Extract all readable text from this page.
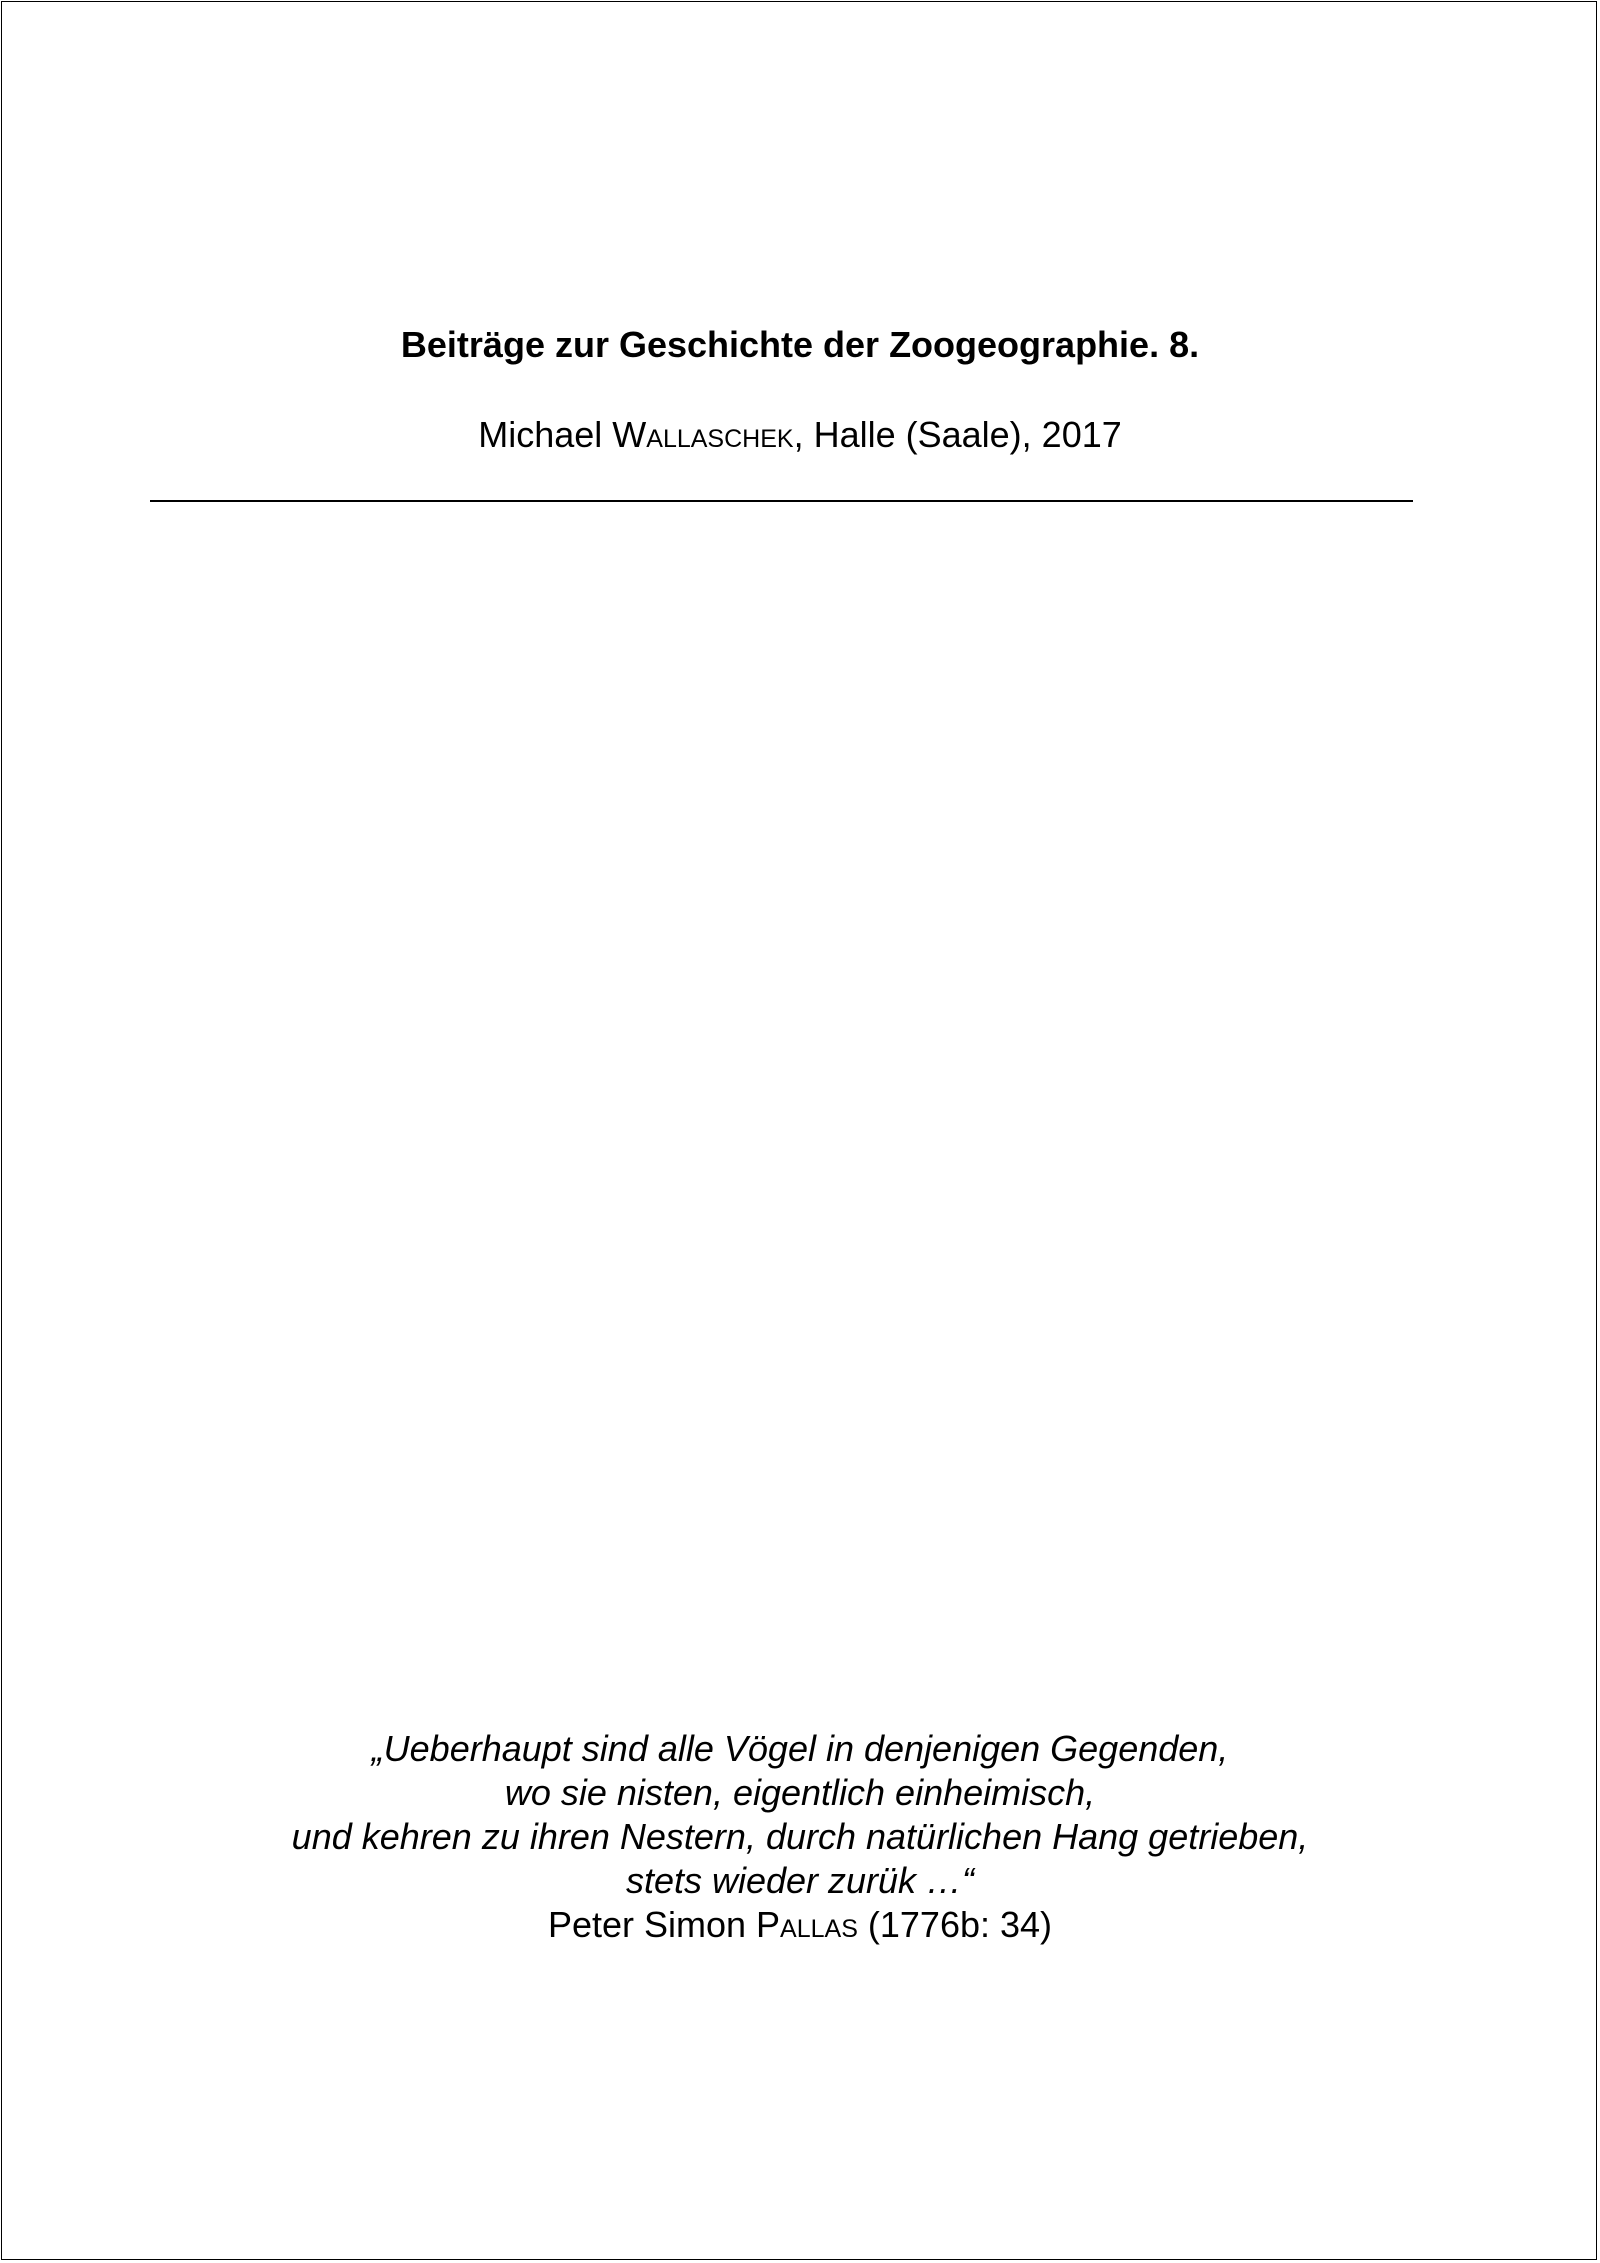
Beiträge zur Geschichte der Zoogeographie. 8.
Michael Wallaschek, Halle (Saale), 2017
„Ueberhaupt sind alle Vögel in denjenigen Gegenden,
wo sie nisten, eigentlich einheimisch,
und kehren zu ihren Nestern, durch natürlichen Hang getrieben,
stets wieder zurük …“
Peter Simon Pallas (1776b: 34)
